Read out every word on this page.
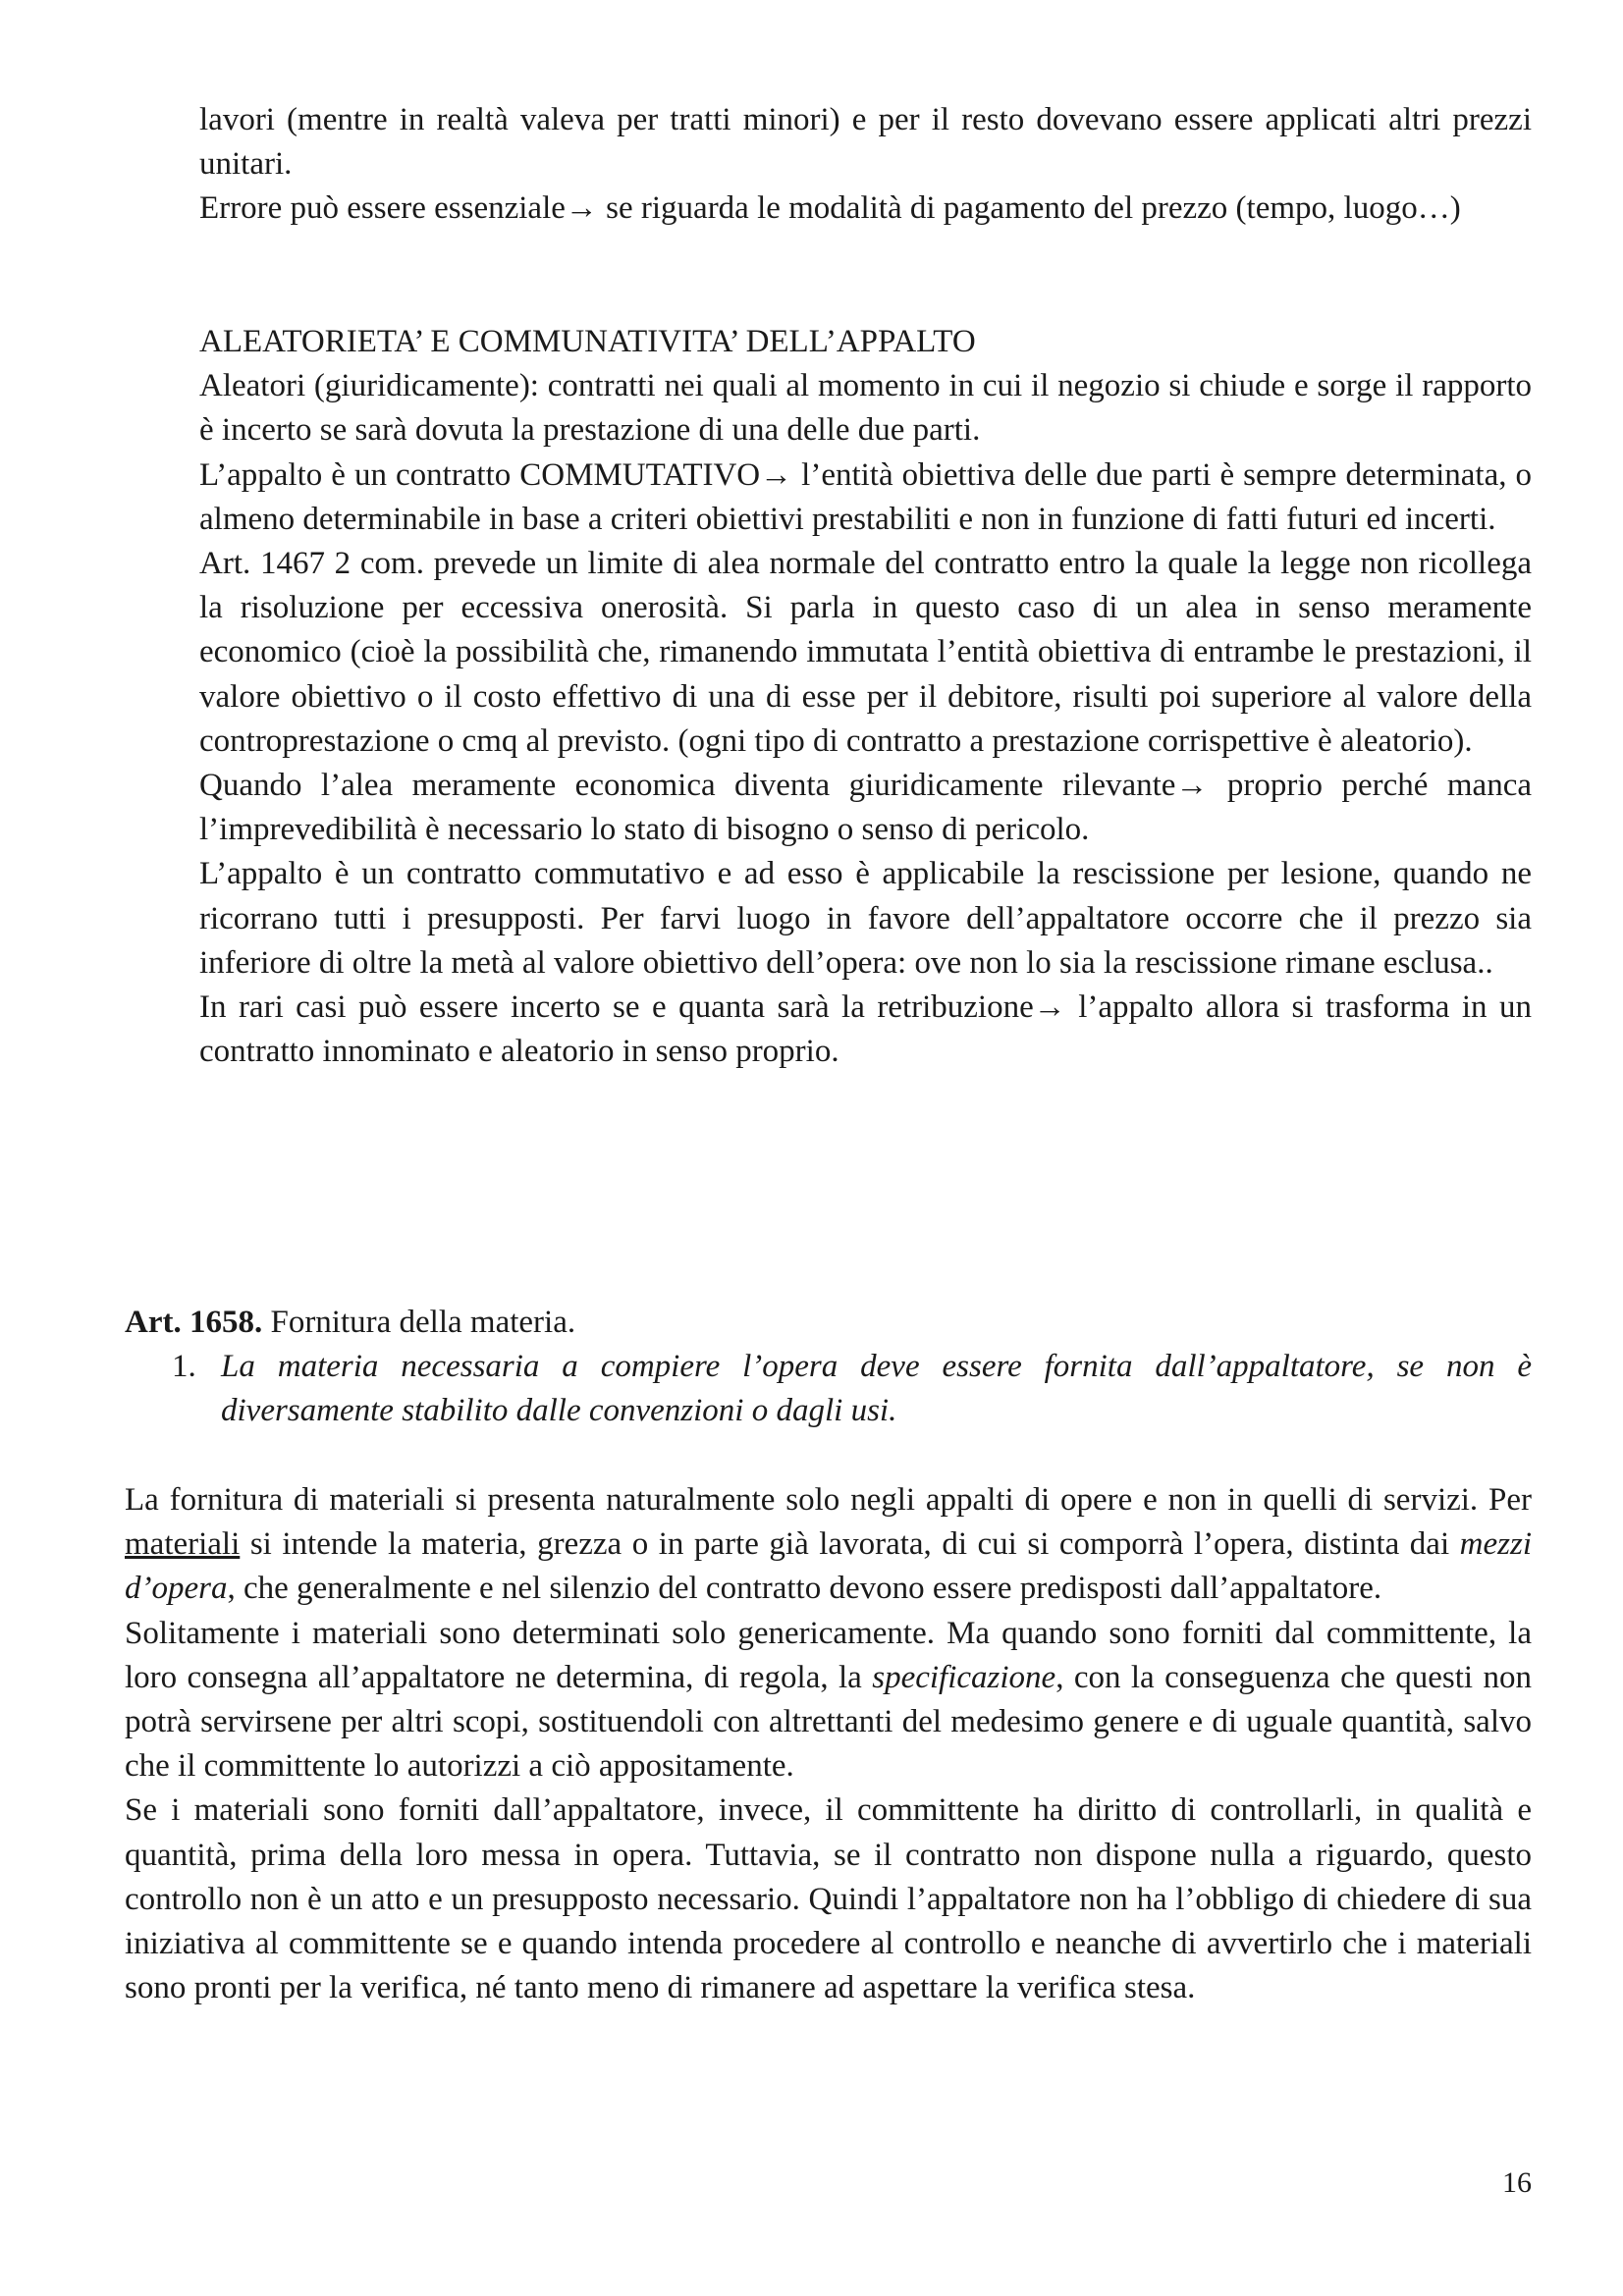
lavori (mentre in realtà valeva per tratti minori) e per il resto dovevano essere applicati altri prezzi unitari.

Errore può essere essenziale→ se riguarda le modalità di pagamento del prezzo (tempo, luogo…)

ALEATORIETA’ E COMMUNATIVITA’ DELL’APPALTO

Aleatori (giuridicamente): contratti nei quali al momento in cui il negozio si chiude e sorge il rapporto è incerto se sarà dovuta la prestazione di una delle due parti.

L’appalto è un contratto COMMUTATIVO→ l’entità obiettiva delle due parti è sempre determinata, o almeno determinabile in base a criteri obiettivi prestabiliti e non in funzione di fatti futuri ed incerti.

Art. 1467 2 com. prevede un limite di alea normale del contratto entro la quale la legge non ricollega la risoluzione per eccessiva onerosità. Si parla in questo caso di un alea in senso meramente economico (cioè la possibilità che, rimanendo immutata l’entità obiettiva di entrambe le prestazioni, il valore obiettivo o il costo effettivo di una di esse per il debitore, risulti poi superiore al valore della controprestazione o cmq al previsto. (ogni tipo di contratto a prestazione corrispettive è aleatorio).

Quando l’alea meramente economica diventa giuridicamente rilevante→ proprio perché manca l’imprevedibilità è necessario lo stato di bisogno o senso di pericolo.

L’appalto è un contratto commutativo e ad esso è applicabile la rescissione per lesione, quando ne ricorrano tutti i presupposti. Per farvi luogo in favore dell’appaltatore occorre che il prezzo sia inferiore di oltre la metà al valore obiettivo dell’opera: ove non lo sia la rescissione rimane esclusa..

In rari casi può essere incerto se e quanta sarà la retribuzione→ l’appalto allora si trasforma in un contratto innominato e aleatorio in senso proprio.

Art. 1658. Fornitura della materia.

1. La materia necessaria a compiere l’opera deve essere fornita dall’appaltatore, se non è diversamente stabilito dalle convenzioni o dagli usi.

La fornitura di materiali si presenta naturalmente solo negli appalti di opere e non in quelli di servizi. Per materiali si intende la materia, grezza o in parte già lavorata, di cui si comporrà l’opera, distinta dai mezzi d’opera, che generalmente e nel silenzio del contratto devono essere predisposti dall’appaltatore.

Solitamente i materiali sono determinati solo genericamente. Ma quando sono forniti dal committente, la loro consegna all’appaltatore ne determina, di regola, la specificazione, con la conseguenza che questi non potrà servirsene per altri scopi, sostituendoli con altrettanti del medesimo genere e di uguale quantità, salvo che il committente lo autorizzi a ciò appositamente.

Se i materiali sono forniti dall’appaltatore, invece, il committente ha diritto di controllarli, in qualità e quantità, prima della loro messa in opera. Tuttavia, se il contratto non dispone nulla a riguardo, questo controllo non è un atto e un presupposto necessario. Quindi l’appaltatore non ha l’obbligo di chiedere di sua iniziativa al committente se e quando intenda procedere al controllo e neanche di avvertirlo che i materiali sono pronti per la verifica, né tanto meno di rimanere ad aspettare la verifica stesa.

16
